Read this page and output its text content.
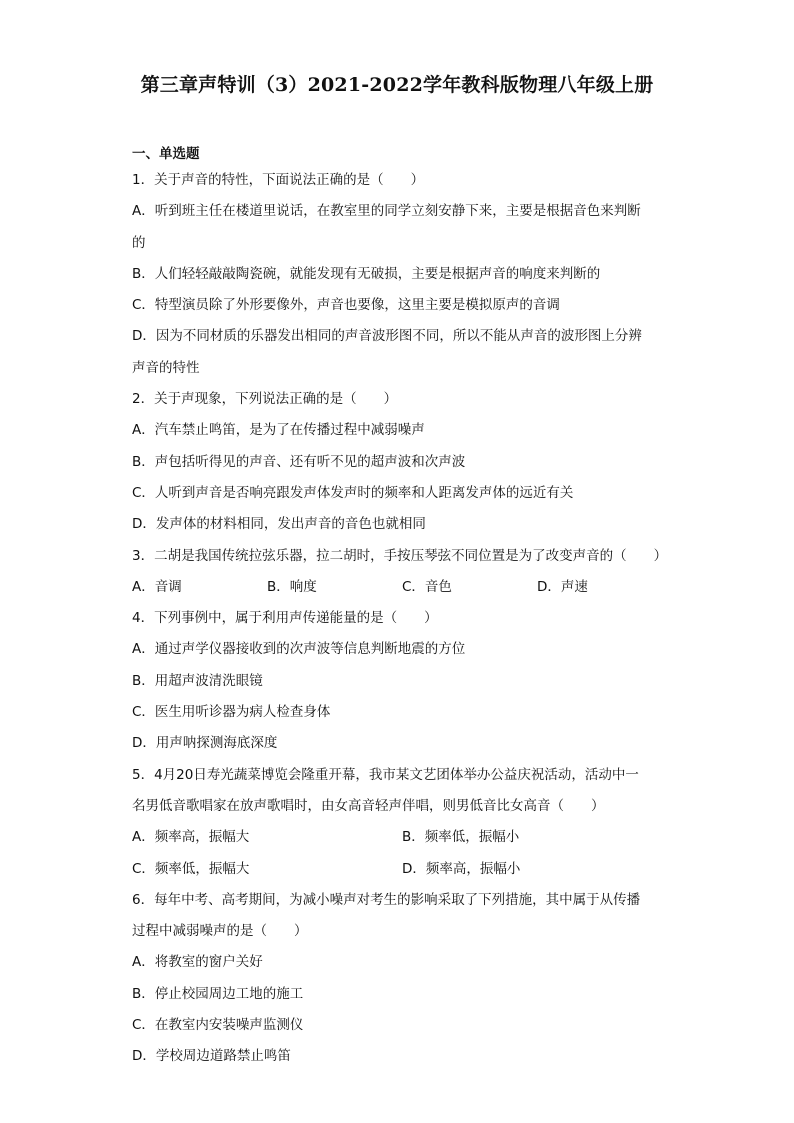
第三章声特训（3）2021-2022学年教科版物理八年级上册
一、单选题
1．关于声音的特性，下面说法正确的是（　　）
A．听到班主任在楼道里说话，在教室里的同学立刻安静下来，主要是根据音色来判断
的
B．人们轻轻敲敲陶瓷碗，就能发现有无破损，主要是根据声音的响度来判断的
C．特型演员除了外形要像外，声音也要像，这里主要是模拟原声的音调
D．因为不同材质的乐器发出相同的声音波形图不同，所以不能从声音的波形图上分辨
声音的特性
2．关于声现象，下列说法正确的是（　　）
A．汽车禁止鸣笛，是为了在传播过程中减弱噪声
B．声包括听得见的声音、还有听不见的超声波和次声波
C．人听到声音是否响亮跟发声体发声时的频率和人距离发声体的远近有关
D．发声体的材料相同，发出声音的音色也就相同
3．二胡是我国传统拉弦乐器，拉二胡时，手按压琴弦不同位置是为了改变声音的（　　）
A．音调	B．响度	C．音色	D．声速
4．下列事例中，属于利用声传递能量的是（　　）
A．通过声学仪器接收到的次声波等信息判断地震的方位
B．用超声波清洗眼镜
C．医生用听诊器为病人检查身体
D．用声呐探测海底深度
5．4月20日寿光蔬菜博览会隆重开幕，我市某文艺团体举办公益庆祝活动，活动中一
名男低音歌唱家在放声歌唱时，由女高音轻声伴唱，则男低音比女高音（　　）
A．频率高，振幅大	B．频率低，振幅小
C．频率低，振幅大	D．频率高，振幅小
6．每年中考、高考期间，为减小噪声对考生的影响采取了下列措施，其中属于从传播
过程中减弱噪声的是（　　）
A．将教室的窗户关好
B．停止校园周边工地的施工
C．在教室内安装噪声监测仪
D．学校周边道路禁止鸣笛
